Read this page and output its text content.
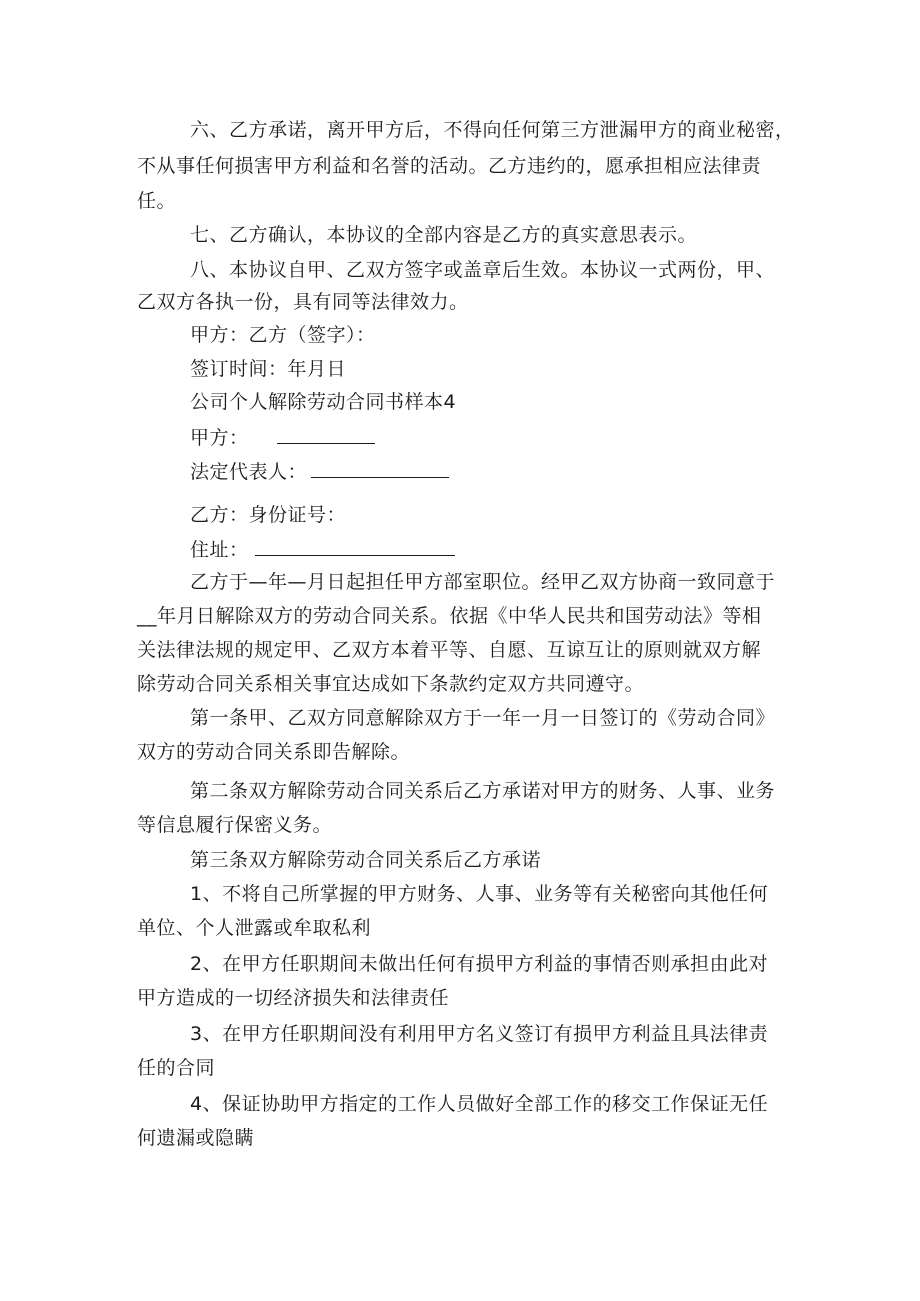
六、乙方承诺，离开甲方后，不得向任何第三方泄漏甲方的商业秘密，
不从事任何损害甲方利益和名誉的活动。乙方违约的，愿承担相应法律责
任。
七、乙方确认，本协议的全部内容是乙方的真实意思表示。
八、本协议自甲、乙双方签字或盖章后生效。本协议一式两份，甲、
乙双方各执一份，具有同等法律效力。
甲方：乙方（签字）：
签订时间：年月日
公司个人解除劳动合同书样本4
甲方：
法定代表人：
乙方：身份证号：
住址：
乙方于—年—月日起担任甲方部室职位。经甲乙双方协商一致同意于
__年月日解除双方的劳动合同关系。依据《中华人民共和国劳动法》等相
关法律法规的规定甲、乙双方本着平等、自愿、互谅互让的原则就双方解
除劳动合同关系相关事宜达成如下条款约定双方共同遵守。
第一条甲、乙双方同意解除双方于一年一月一日签订的《劳动合同》
双方的劳动合同关系即告解除。
第二条双方解除劳动合同关系后乙方承诺对甲方的财务、人事、业务
等信息履行保密义务。
第三条双方解除劳动合同关系后乙方承诺
1、不将自己所掌握的甲方财务、人事、业务等有关秘密向其他任何
单位、个人泄露或牟取私利
2、在甲方任职期间未做出任何有损甲方利益的事情否则承担由此对
甲方造成的一切经济损失和法律责任
3、在甲方任职期间没有利用甲方名义签订有损甲方利益且具法律责
任的合同
4、保证协助甲方指定的工作人员做好全部工作的移交工作保证无任
何遗漏或隐瞒
